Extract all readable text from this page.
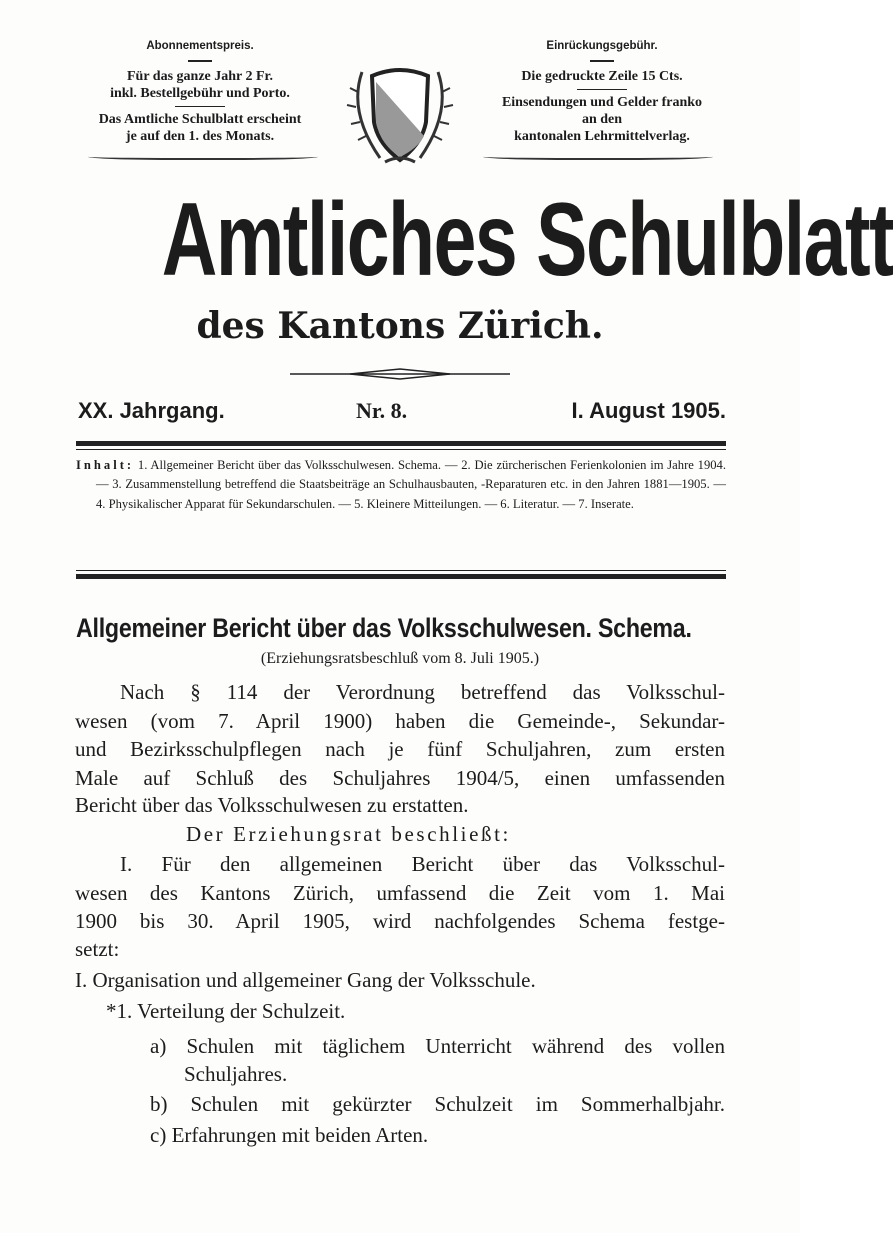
Abonnementspreis.
Für das ganze Jahr 2 Fr.
inkl. Bestellgebühr und Porto.
Das Amtliche Schulblatt erscheint
je auf den 1. des Monats.
Einrückungsgebühr.
Die gedruckte Zeile 15 Cts.
Einsendungen und Gelder franko
an den
kantonalen Lehrmittelverlag.
Amtliches Schulblatt
des Kantons Zürich.
XX. Jahrgang.	Nr. 8.	I. August 1905.
Inhalt: 1. Allgemeiner Bericht über das Volksschulwesen. Schema. — 2. Die zürcherischen Ferienkolonien im Jahre 1904. — 3. Zusammenstellung betreffend die Staatsbeiträge an Schulhausbauten, -Reparaturen etc. in den Jahren 1881—1905. — 4. Physikalischer Apparat für Sekundarschulen. — 5. Kleinere Mitteilungen. — 6. Literatur. — 7. Inserate.
Allgemeiner Bericht über das Volksschulwesen. Schema.
(Erziehungsratsbeschluß vom 8. Juli 1905.)
Nach § 114 der Verordnung betreffend das Volksschul-
wesen (vom 7. April 1900) haben die Gemeinde-, Sekundar-
und Bezirksschulpflegen nach je fünf Schuljahren, zum ersten
Male auf Schluß des Schuljahres 1904/5, einen umfassenden
Bericht über das Volksschulwesen zu erstatten.
Der Erziehungsrat beschließt:
I. Für den allgemeinen Bericht über das Volksschul-
wesen des Kantons Zürich, umfassend die Zeit vom 1. Mai
1900 bis 30. April 1905, wird nachfolgendes Schema festge-
setzt:
I. Organisation und allgemeiner Gang der Volksschule.
*1. Verteilung der Schulzeit.
a) Schulen mit täglichem Unterricht während des vollen
Schuljahres.
b) Schulen mit gekürzter Schulzeit im Sommerhalbjahr.
c) Erfahrungen mit beiden Arten.
